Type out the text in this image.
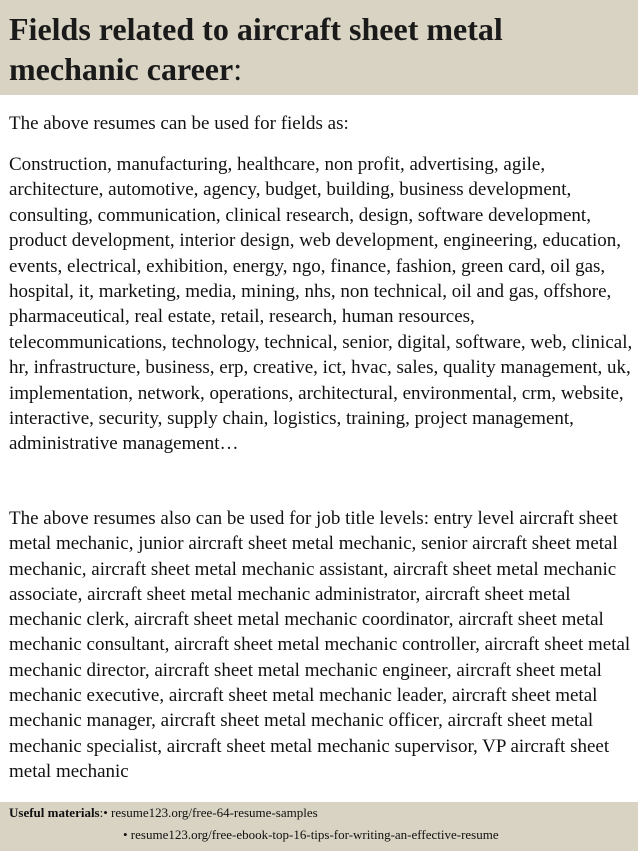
Fields related to aircraft sheet metal mechanic career:

The above resumes can be used for fields as:

Construction, manufacturing, healthcare, non profit, advertising, agile, architecture, automotive, agency, budget, building, business development, consulting, communication, clinical research, design, software development, product development, interior design, web development, engineering, education, events, electrical, exhibition, energy, ngo, finance, fashion, green card, oil gas, hospital, it, marketing, media, mining, nhs, non technical, oil and gas, offshore, pharmaceutical, real estate, retail, research, human resources, telecommunications, technology, technical, senior, digital, software, web, clinical, hr, infrastructure, business, erp, creative, ict, hvac, sales, quality management, uk, implementation, network, operations, architectural, environmental, crm, website, interactive, security, supply chain, logistics, training, project management, administrative management…

The above resumes also can be used for job title levels: entry level aircraft sheet metal mechanic, junior aircraft sheet metal mechanic, senior aircraft sheet metal mechanic, aircraft sheet metal mechanic assistant, aircraft sheet metal mechanic associate, aircraft sheet metal mechanic administrator, aircraft sheet metal mechanic clerk, aircraft sheet metal mechanic coordinator, aircraft sheet metal mechanic consultant, aircraft sheet metal mechanic controller, aircraft sheet metal mechanic director, aircraft sheet metal mechanic engineer, aircraft sheet metal mechanic executive, aircraft sheet metal mechanic leader, aircraft sheet metal mechanic manager, aircraft sheet metal mechanic officer, aircraft sheet metal mechanic specialist, aircraft sheet metal mechanic supervisor, VP aircraft sheet metal mechanic

Useful materials: • resume123.org/free-64-resume-samples
• resume123.org/free-ebook-top-16-tips-for-writing-an-effective-resume
